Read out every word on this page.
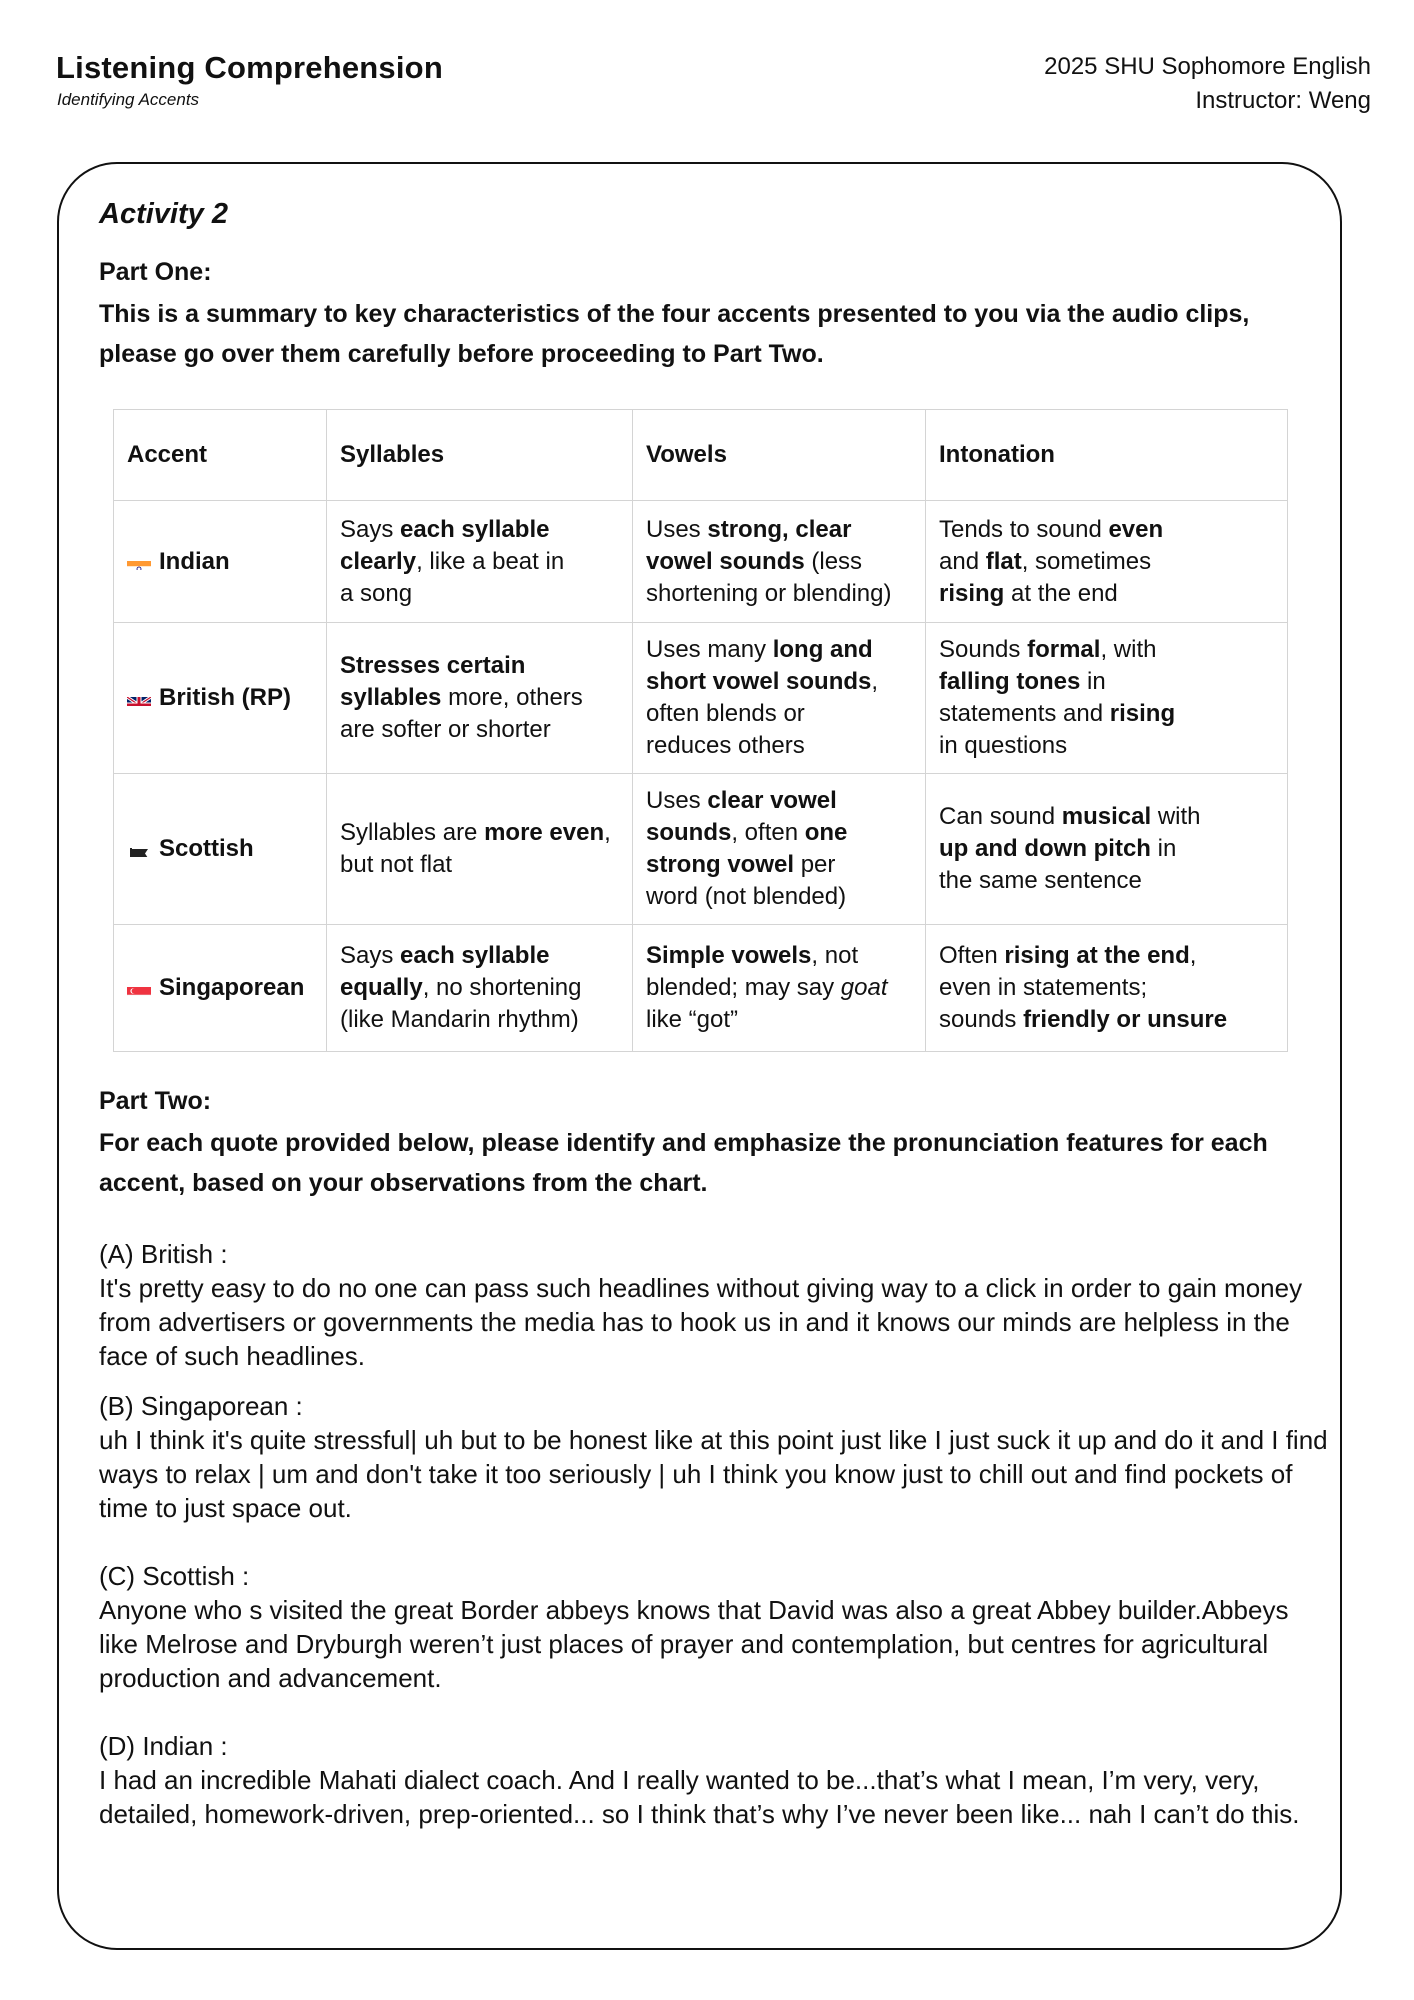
Listening Comprehension
Identifying Accents
2025 SHU Sophomore English
Instructor: Weng
Activity 2
Part One:
This is a summary to key characteristics of the four accents presented to you via the audio clips, please go over them carefully before proceeding to Part Two.
Accent	Syllables	Vowels	Intonation
Indian	Says each syllable
clearly, like a beat in
a song	Uses strong, clear
vowel sounds (less
shortening or blending)	Tends to sound even
and flat, sometimes
rising at the end
British (RP)	Stresses certain
syllables more, others
are softer or shorter	Uses many long and
short vowel sounds,
often blends or
reduces others	Sounds formal, with
falling tones in
statements and rising
in questions
Scottish	Syllables are more even,
but not flat	Uses clear vowel
sounds, often one
strong vowel per
word (not blended)	Can sound musical with
up and down pitch in
the same sentence
Singaporean	Says each syllable
equally, no shortening
(like Mandarin rhythm)	Simple vowels, not
blended; may say goat
like “got”	Often rising at the end,
even in statements;
sounds friendly or unsure
Part Two:
For each quote provided below, please identify and emphasize the pronunciation features for each accent, based on your observations from the chart.
(A) British :
It's pretty easy to do no one can pass such headlines without giving way to a click in order to gain money from advertisers or governments the media has to hook us in and it knows our minds are helpless in the face of such headlines.
(B) Singaporean :
uh I think it's quite stressful| uh but to be honest like at this point just like I just suck it up and do it and I find ways to relax | um and don't take it too seriously | uh I think you know just to chill out and find pockets of time to just space out.
(C) Scottish :
Anyone who s visited the great Border abbeys knows that David was also a great Abbey builder.Abbeys like Melrose and Dryburgh weren’t just places of prayer and contemplation, but centres for agricultural production and advancement.
(D) Indian :
I had an incredible Mahati dialect coach. And I really wanted to be...that’s what I mean, I’m very, very, detailed, homework-driven, prep-oriented... so I think that’s why I’ve never been like... nah I can’t do this.
